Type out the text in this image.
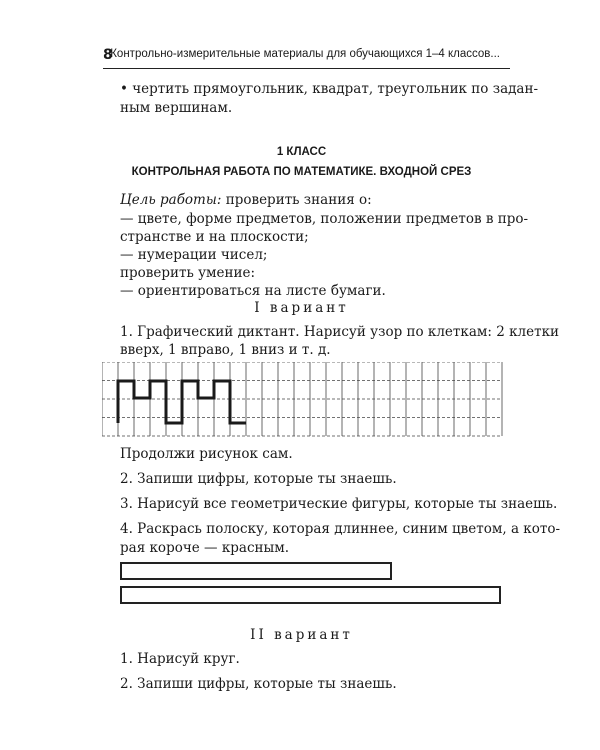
8
Контрольно-измерительные материалы для обучающихся 1–4 классов...
• чертить прямоугольник, квадрат, треугольник по задан-
ным вершинам.
1 КЛАСС
КОНТРОЛЬНАЯ РАБОТА ПО МАТЕМАТИКЕ. ВХОДНОЙ СРЕЗ
Цель работы: проверить знания о:
— цвете, форме предметов, положении предметов в про-
странстве и на плоскости;
— нумерации чисел;
проверить умение:
— ориентироваться на листе бумаги.
I вариант
1. Графический диктант. Нарисуй узор по клеткам: 2 клетки
вверх, 1 вправо, 1 вниз и т. д.
Продолжи рисунок сам.
2. Запиши цифры, которые ты знаешь.
3. Нарисуй все геометрические фигуры, которые ты знаешь.
4. Раскрась полоску, которая длиннее, синим цветом, а кото-
рая короче — красным.
II вариант
1. Нарисуй круг.
2. Запиши цифры, которые ты знаешь.
